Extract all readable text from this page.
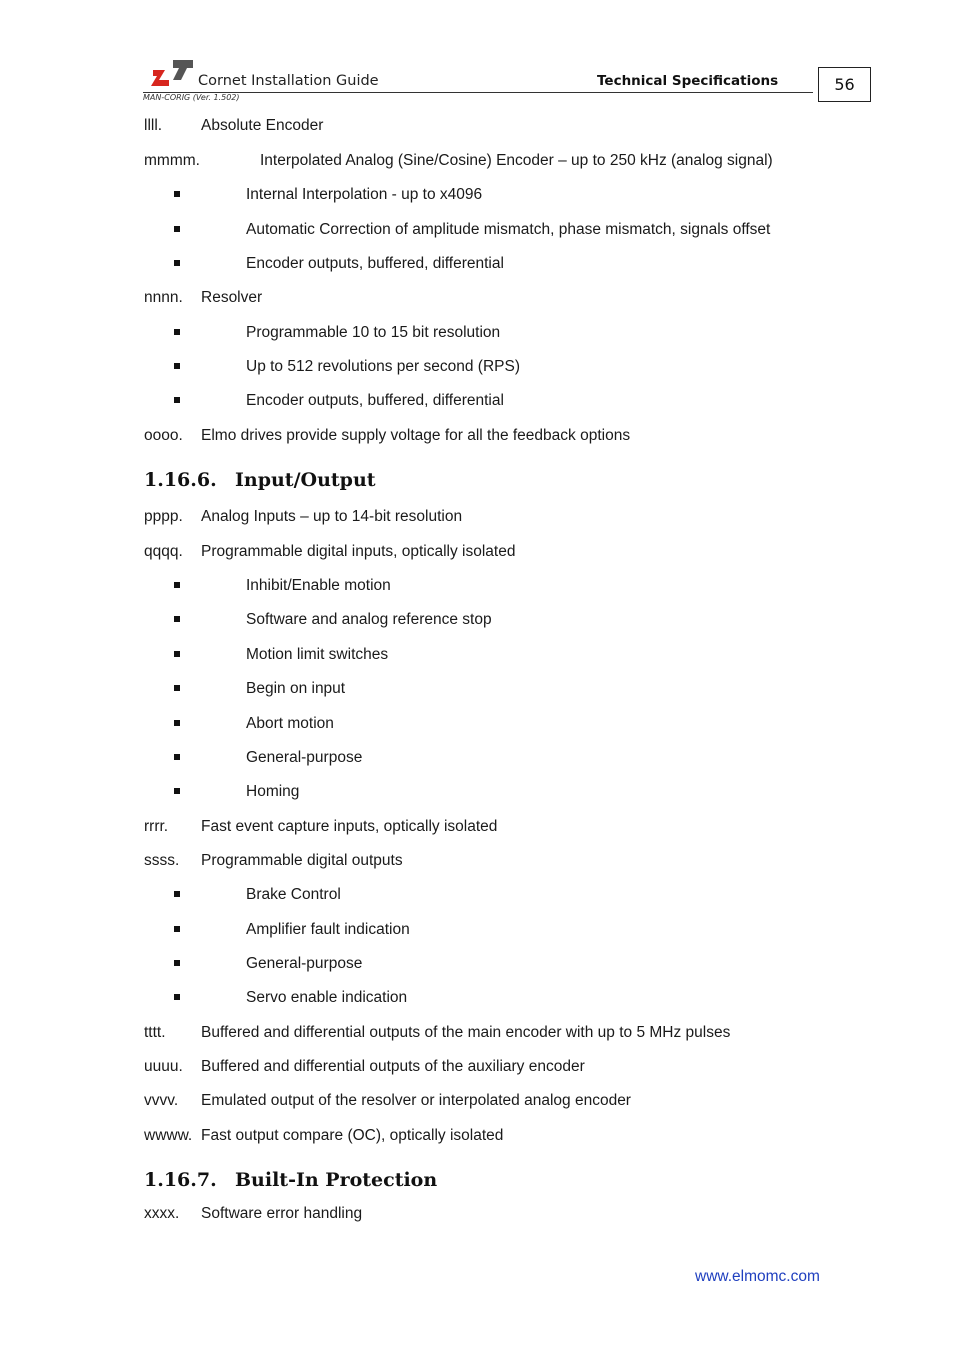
Cornet Installation Guide	Technical Specifications
MAN-CORIG (Ver. 1.502)
56
llll.	Absolute Encoder
mmmm.	Interpolated Analog (Sine/Cosine) Encoder – up to 250 kHz (analog signal)
Internal Interpolation - up to x4096
Automatic Correction of amplitude mismatch, phase mismatch, signals offset
Encoder outputs, buffered, differential
nnnn. Resolver
Programmable 10 to 15 bit resolution
Up to 512 revolutions per second (RPS)
Encoder outputs, buffered, differential
oooo. Elmo drives provide supply voltage for all the feedback options
1.16.6. Input/Output
pppp. Analog Inputs – up to 14-bit resolution
qqqq. Programmable digital inputs, optically isolated
Inhibit/Enable motion
Software and analog reference stop
Motion limit switches
Begin on input
Abort motion
General-purpose
Homing
rrrr. Fast event capture inputs, optically isolated
ssss. Programmable digital outputs
Brake Control
Amplifier fault indication
General-purpose
Servo enable indication
tttt. Buffered and differential outputs of the main encoder with up to 5 MHz pulses
uuuu. Buffered and differential outputs of the auxiliary encoder
vvvv. Emulated output of the resolver or interpolated analog encoder
wwww. Fast output compare (OC), optically isolated
1.16.7. Built-In Protection
xxxx. Software error handling
www.elmomc.com
